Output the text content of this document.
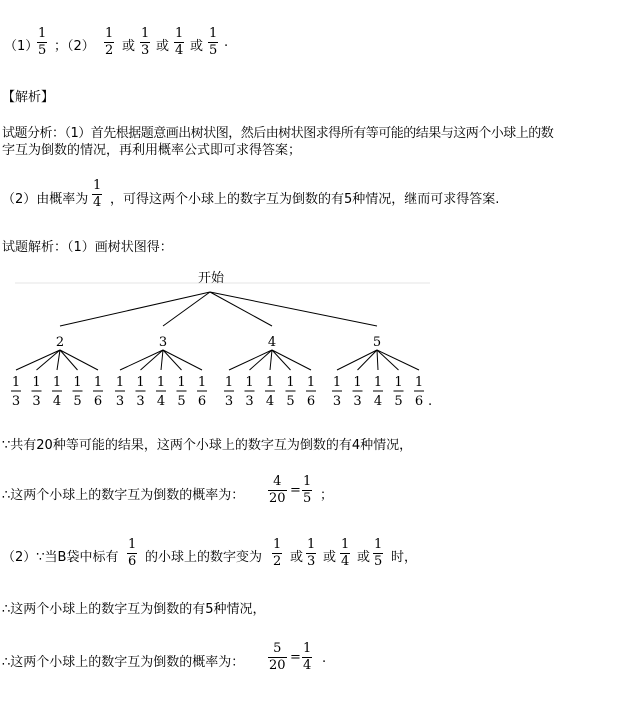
（1）
1
5 ；（2）
1
2 或
1
3 或
1
4 或
1
5
.
【解析】
试题分析：（1）首先根据题意画出树状图，然后由树状图求得所有等可能的结果与这两个小球上的数
字互为倒数的情况，再利用概率公式即可求得答案；
（2）由概率为
1
4 ，可得这两个小球上的数字互为倒数的有5种情况，继而可求得答案.
试题解析：（1）画树状图得：
开始
2	3	4	5
1
3
1
3
1
4
1
5
1
6
1
3
1
3
1
4
1
5
1
6
1
3
1
3
1
4
1
5
1
6
1
3
1
3
1
4
1
5
1
6 .
∵共有20种等可能的结果，这两个小球上的数字互为倒数的有4种情况，
∴这两个小球上的数字互为倒数的概率为：
4
20
=
1
5 ；
（2）∵当B袋中标有
1
6 的小球上的数字变为
1
2 或
1
3 或
1
4 或
1
5 时，
∴这两个小球上的数字互为倒数的有5种情况，
∴这两个小球上的数字互为倒数的概率为：
5
20
=
1
4 .
